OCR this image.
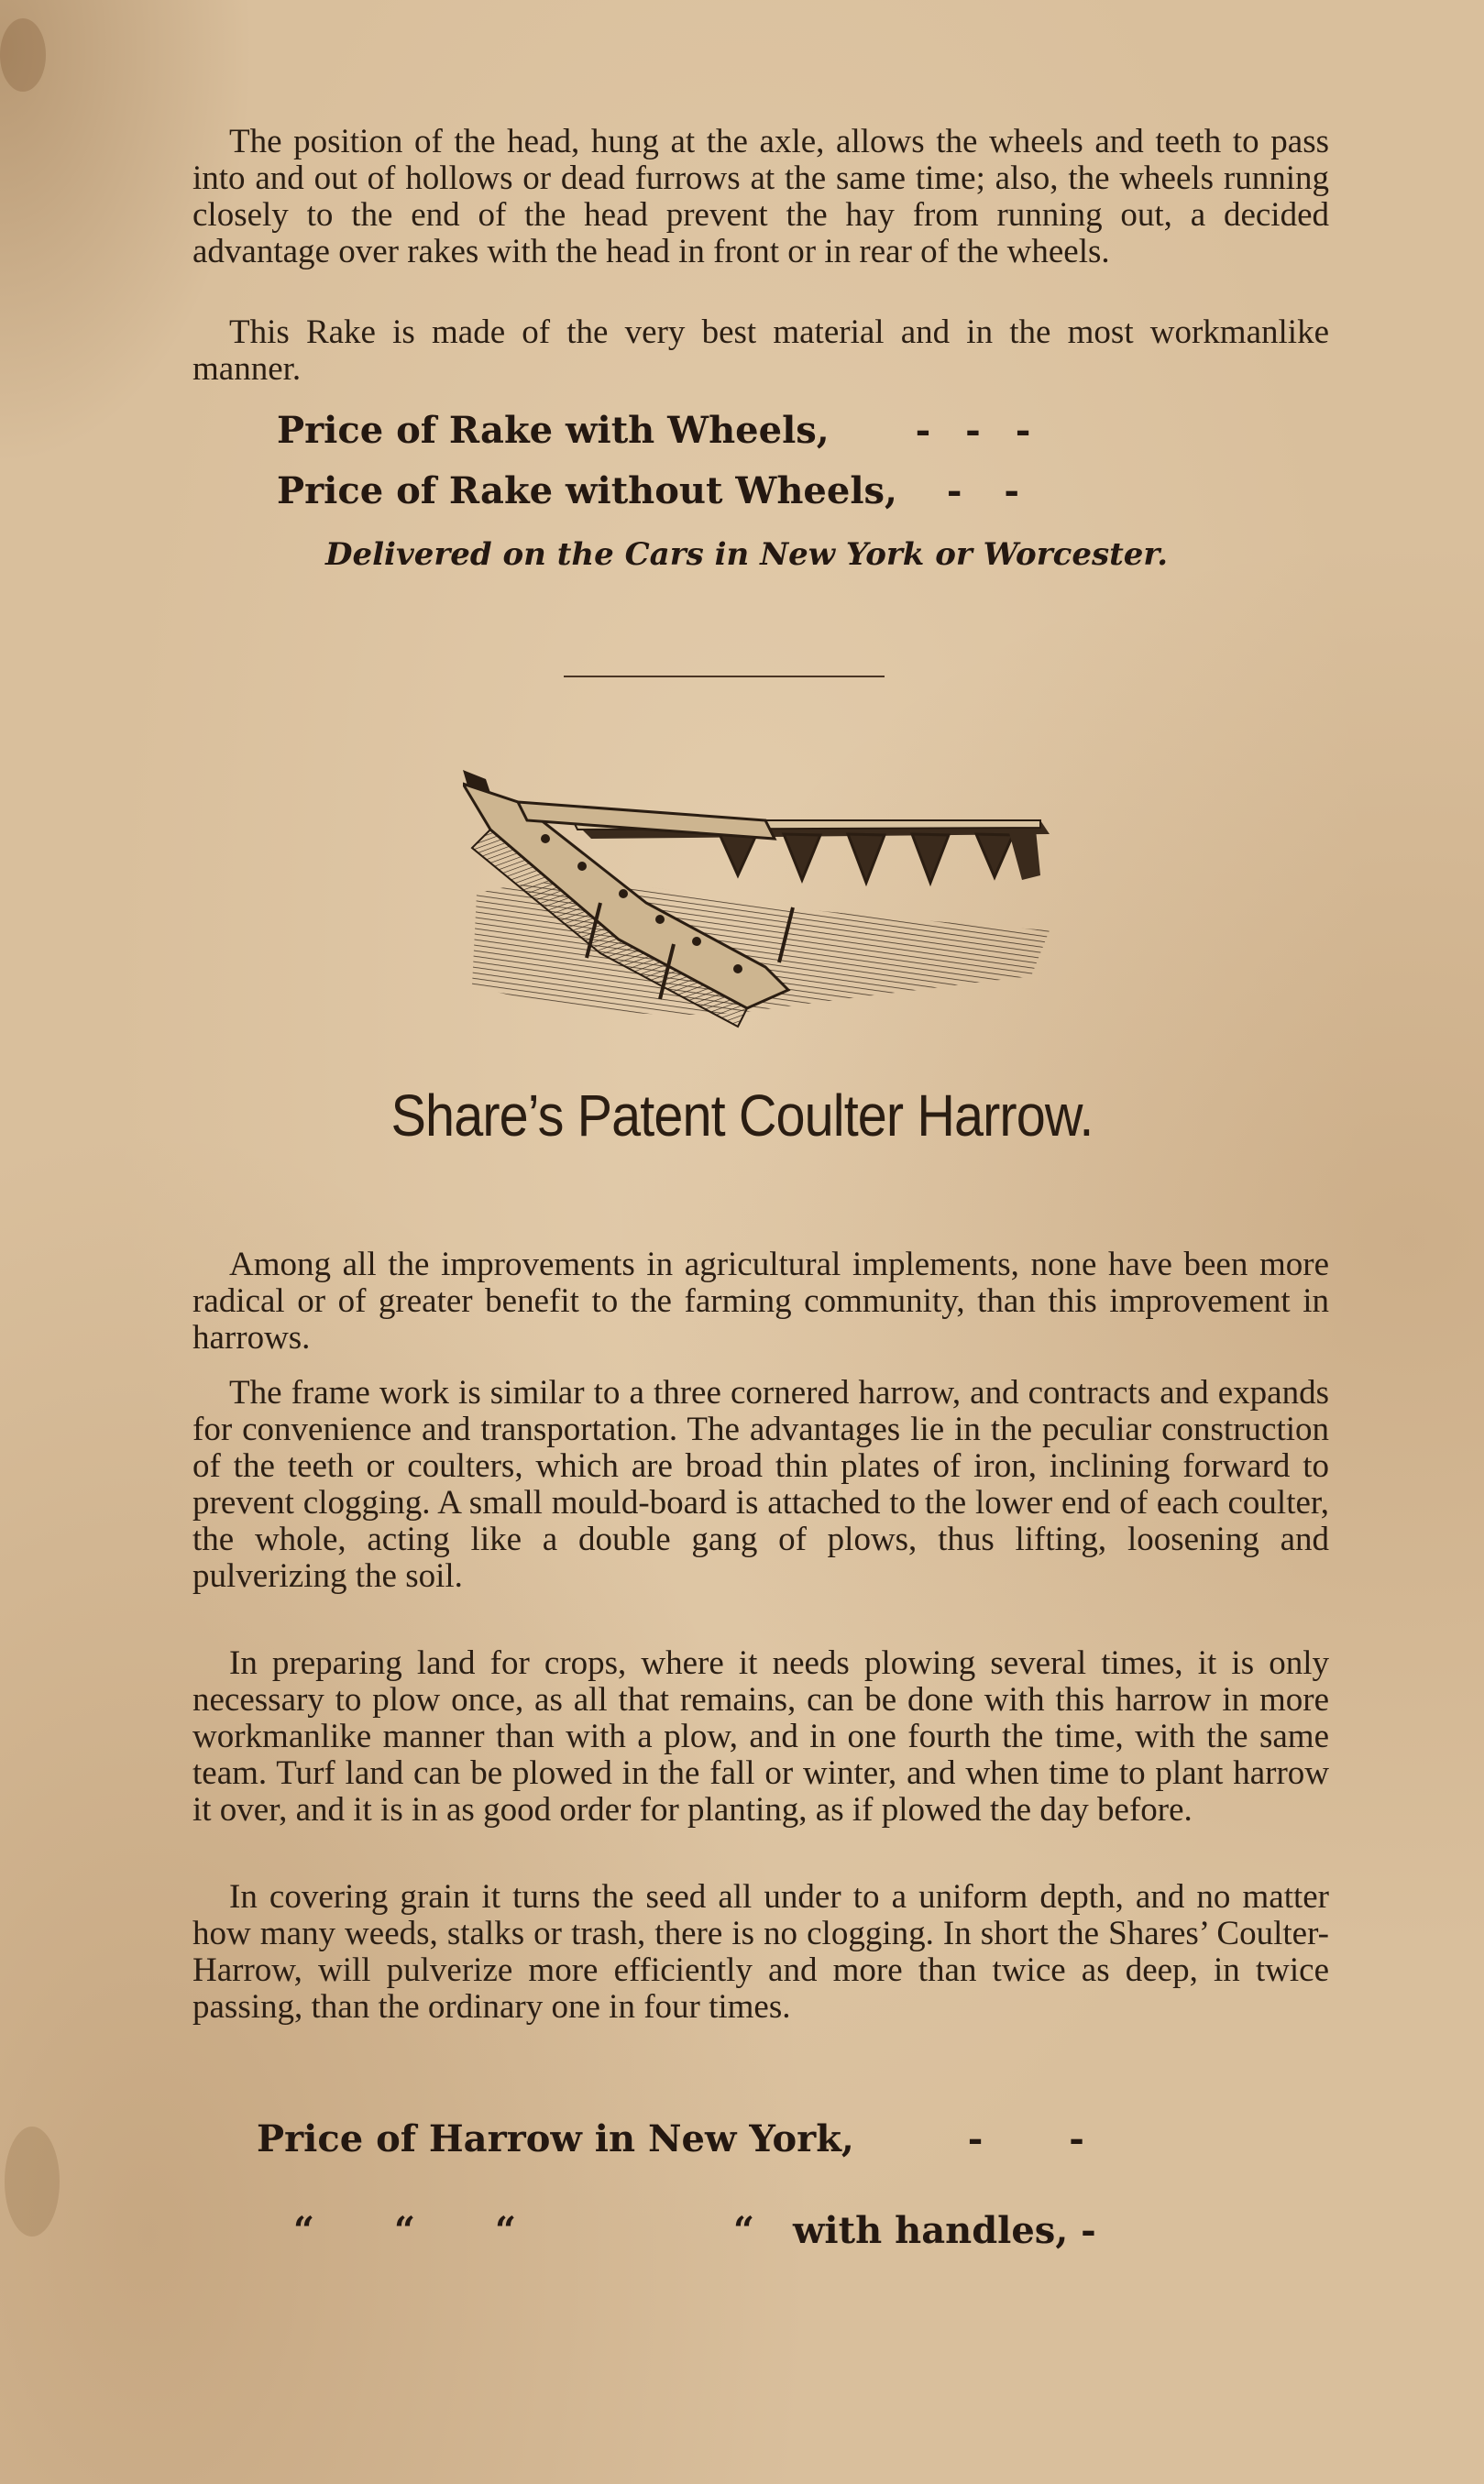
The position of the head, hung at the axle, allows the wheels and teeth to pass into and out of hollows or dead furrows at the same time; also, the wheels running closely to the end of the head prevent the hay from running out, a decided advantage over rakes with the head in front or in rear of the wheels.

This Rake is made of the very best material and in the most workmanlike manner.

Price of Rake with Wheels, - - -
Price of Rake without Wheels, - -
Delivered on the Cars in New York or Worcester.
Share’s Patent Coulter Harrow.

Among all the improvements in agricultural implements, none have been more radical or of greater benefit to the farming community, than this improvement in harrows.

The frame work is similar to a three cornered harrow, and contracts and expands for convenience and transportation. The advantages lie in the peculiar construction of the teeth or coulters, which are broad thin plates of iron, inclining forward to prevent clogging. A small mould-board is attached to the lower end of each coulter, the whole, acting like a double gang of plows, thus lifting, loosening and pulverizing the soil.

In preparing land for crops, where it needs plowing several times, it is only necessary to plow once, as all that remains, can be done with this harrow in more workmanlike manner than with a plow, and in one fourth the time, with the same team. Turf land can be plowed in the fall or winter, and when time to plant harrow it over, and it is in as good order for planting, as if plowed the day before.

In covering grain it turns the seed all under to a uniform depth, and no matter how many weeds, stalks or trash, there is no clogging. In short the Shares’ Coulter-Harrow, will pulverize more efficiently and more than twice as deep, in twice passing, than the ordinary one in four times.

Price of Harrow in New York,	- -
“ “ “	“ with handles, -
